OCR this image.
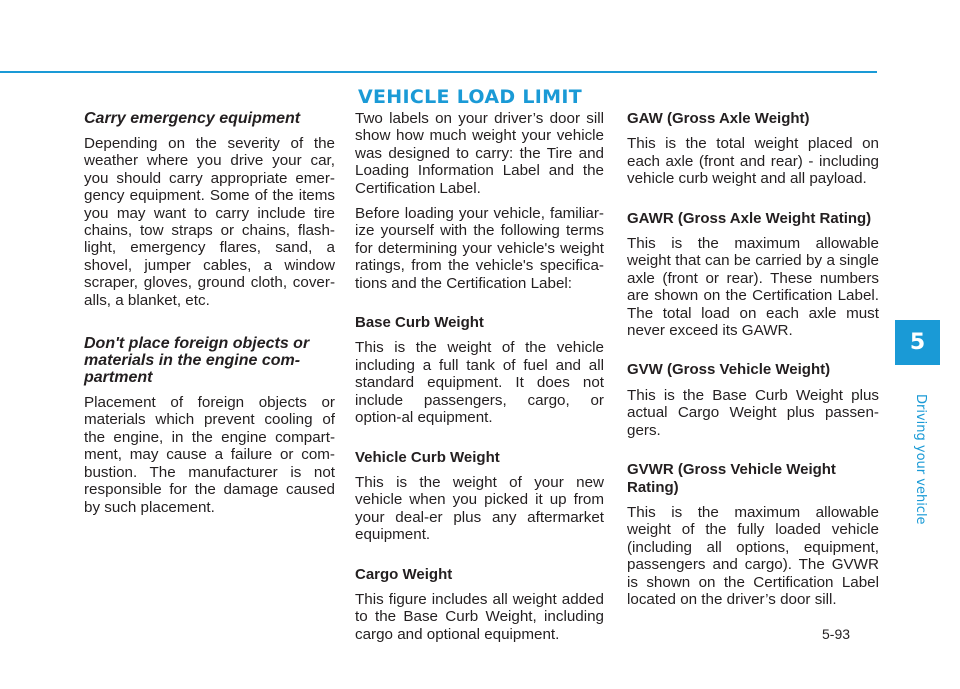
VEHICLE LOAD LIMIT
Carry emergency equipment

Depending on the severity of the weather where you drive your car, you should carry appropriate emer-gency equipment. Some of the items you may want to carry include tire chains, tow straps or chains, flash-light, emergency flares, sand, a shovel, jumper cables, a window scraper, gloves, ground cloth, cover-alls, a blanket, etc.

Don't place foreign objects or materials in the engine com-partment

Placement of foreign objects or materials which prevent cooling of the engine, in the engine compart-ment, may cause a failure or com-bustion. The manufacturer is not responsible for the damage caused by such placement.

Two labels on your driver’s door sill show how much weight your vehicle was designed to carry: the Tire and Loading Information Label and the Certification Label.

Before loading your vehicle, familiar-ize yourself with the following terms for determining your vehicle's weight ratings, from the vehicle's specifica-tions and the Certification Label:

Base Curb Weight

This is the weight of the vehicle including a full tank of fuel and all standard equipment. It does not include passengers, cargo, or option-al equipment.

Vehicle Curb Weight

This is the weight of your new vehicle when you picked it up from your deal-er plus any aftermarket equipment.

Cargo Weight

This figure includes all weight added to the Base Curb Weight, including cargo and optional equipment.

GAW (Gross Axle Weight)

This is the total weight placed on each axle (front and rear) - including vehicle curb weight and all payload.

GAWR (Gross Axle Weight Rating)

This is the maximum allowable weight that can be carried by a single axle (front or rear). These numbers are shown on the Certification Label. The total load on each axle must never exceed its GAWR.

GVW (Gross Vehicle Weight)

This is the Base Curb Weight plus actual Cargo Weight plus passen-gers.

GVWR (Gross Vehicle Weight Rating)

This is the maximum allowable weight of the fully loaded vehicle (including all options, equipment, passengers and cargo). The GVWR is shown on the Certification Label located on the driver’s door sill.

5
Driving your vehicle
5-93
